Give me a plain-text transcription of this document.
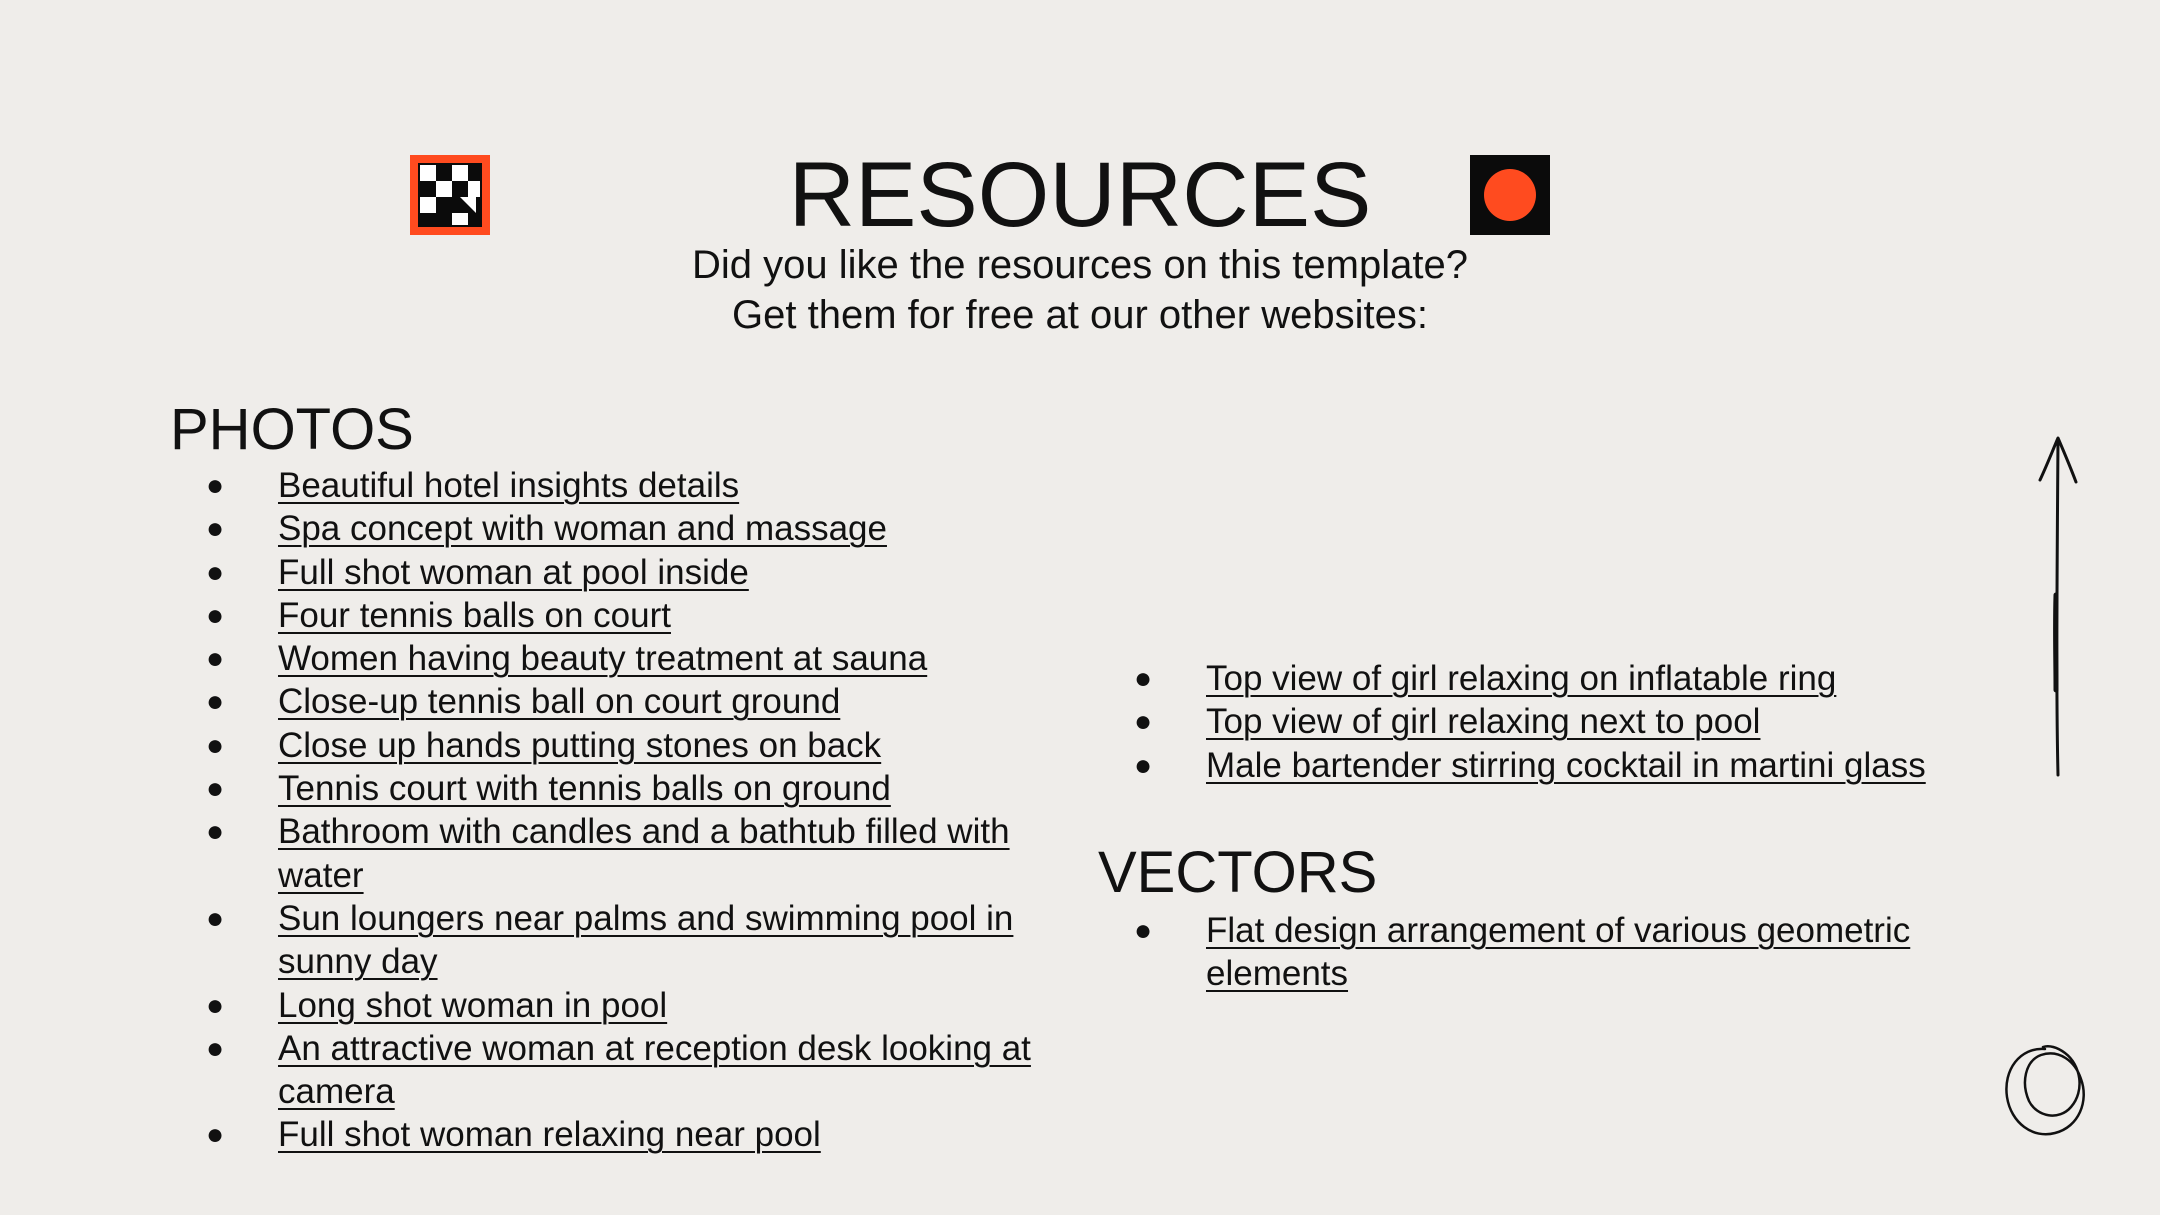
RESOURCES

Did you like the resources on this template? Get them for free at our other websites:

PHOTOS
● Beautiful hotel insights details
● Spa concept with woman and massage
● Full shot woman at pool inside
● Four tennis balls on court
● Women having beauty treatment at sauna
● Close-up tennis ball on court ground
● Close up hands putting stones on back
● Tennis court with tennis balls on ground
● Bathroom with candles and a bathtub filled with water
● Sun loungers near palms and swimming pool in sunny day
● Long shot woman in pool
● An attractive woman at reception desk looking at camera
● Full shot woman relaxing near pool
● Top view of girl relaxing on inflatable ring
● Top view of girl relaxing next to pool
● Male bartender stirring cocktail in martini glass
VECTORS
● Flat design arrangement of various geometric elements
